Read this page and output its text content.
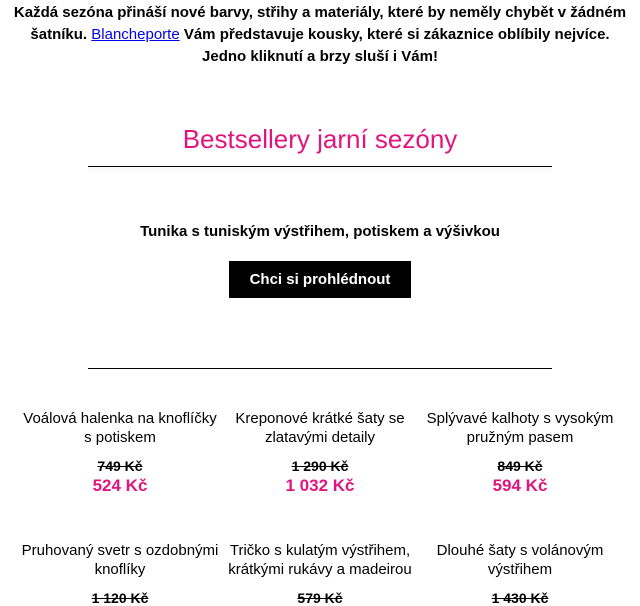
Každá sezóna přináší nové barvy, střihy a materiály, které by neměly chybět v žádném
šatníku. Blancheporte Vám představuje kousky, které si zákaznice oblíbily nejvíce.
Jedno kliknutí a brzy sluší i Vám!
Bestsellery jarní sezóny
Tunika s tuniským výstřihem, potiskem a výšivkou
Chci si prohlédnout
Voálová halenka na knoflíčky s potiskem
749 Kč
524 Kč
Kreponové krátké šaty se zlatavými detaily
1 290 Kč
1 032 Kč
Splývavé kalhoty s vysokým pružným pasem
849 Kč
594 Kč
Pruhovaný svetr s ozdobnými knoflíky
1 120 Kč
Tričko s kulatým výstřihem, krátkými rukávy a madeirou
579 Kč
Dlouhé šaty s volánovým výstřihem
1 430 Kč
